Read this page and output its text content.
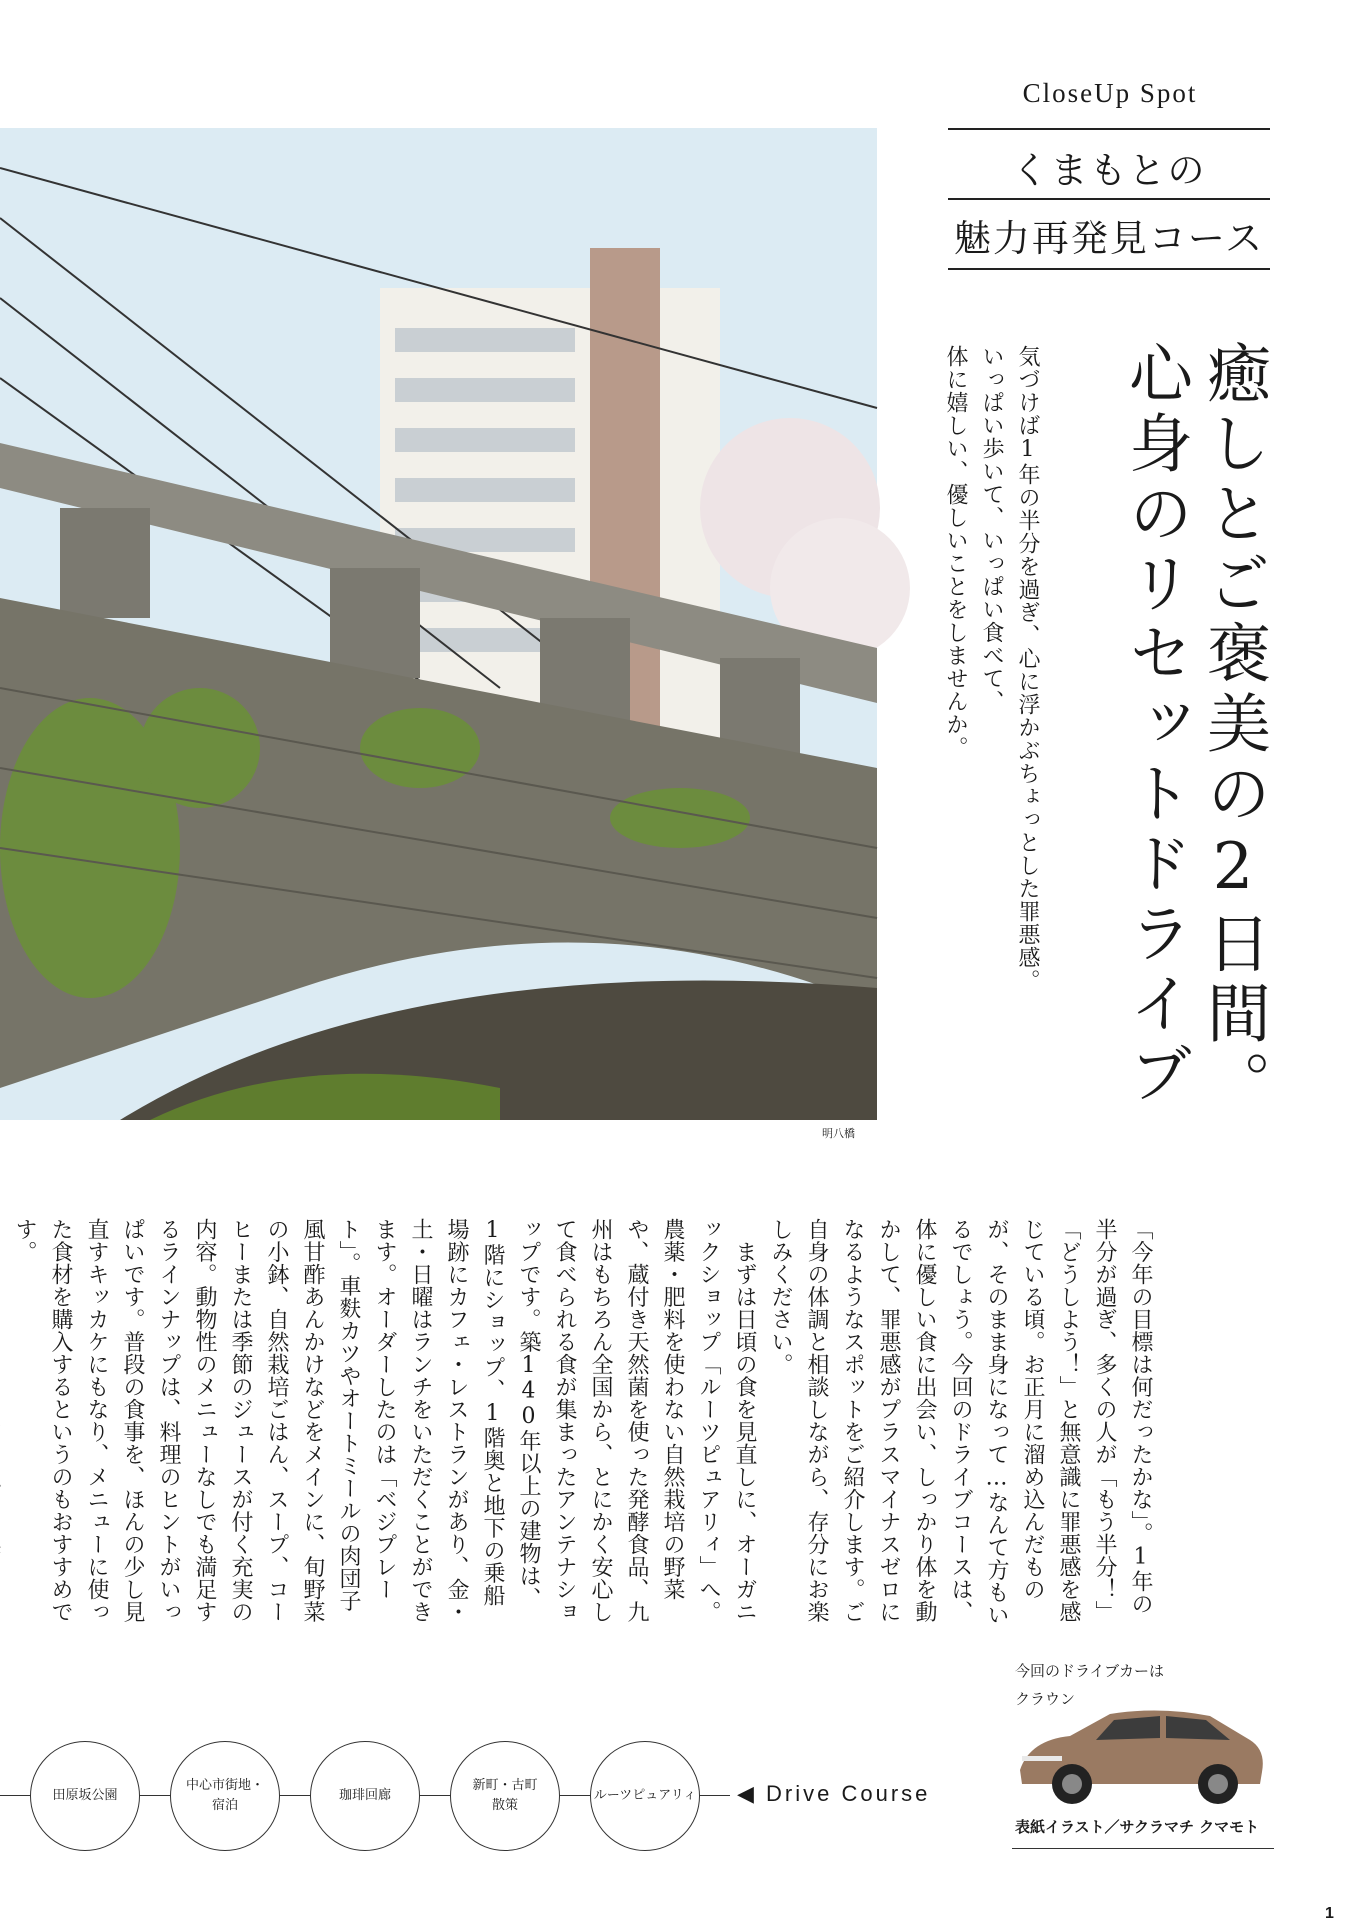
CloseUp Spot
くまもとの
魅力再発見コース
明八橋
癒しとご褒美の2日間。
心身のリセットドライブ
気づけば1年の半分を過ぎ、心に浮かぶちょっとした罪悪感。
いっぱい歩いて、いっぱい食べて、
体に嬉しい、優しいことをしませんか。
「今年の目標は何だったかな」。1年の半分が過ぎ、多くの人が「もう半分！」「どうしよう！」と無意識に罪悪感を感じている頃。お正月に溜め込んだものが、そのまま身になって…なんて方もいるでしょう。今回のドライブコースは、体に優しい食に出会い、しっかり体を動かして、罪悪感がプラスマイナスゼロになるようなスポットをご紹介します。ご自身の体調と相談しながら、存分にお楽しみください。
　まずは日頃の食を見直しに、オーガニックショップ「ルーツピュアリィ」へ。農薬・肥料を使わない自然栽培の野菜や、蔵付き天然菌を使った発酵食品、九州はもちろん全国から、とにかく安心して食べられる食が集まったアンテナショップです。築140年以上の建物は、1階にショップ、1階奥と地下の乗船場跡にカフェ・レストランがあり、金・土・日曜はランチをいただくことができます。オーダーしたのは「ベジプレート」。車麩カツやオートミールの肉団子風甘酢あんかけなどをメインに、旬野菜の小鉢、自然栽培ごはん、スープ、コーヒーまたは季節のジュースが付く充実の内容。動物性のメニューなしでも満足するラインナップは、料理のヒントがいっぱいです。普段の食事を、ほんの少し見直すキッカケにもなり、メニューに使った食材を購入するというのもおすすめです。

今回のドライブカーは
クラウン
表紙イラスト／サクラマチ クマモト
田原坂公園
中心市街地・
宿泊
珈琲回廊
新町・古町
散策
ルーツピュアリィ ◀ Drive Course
1
